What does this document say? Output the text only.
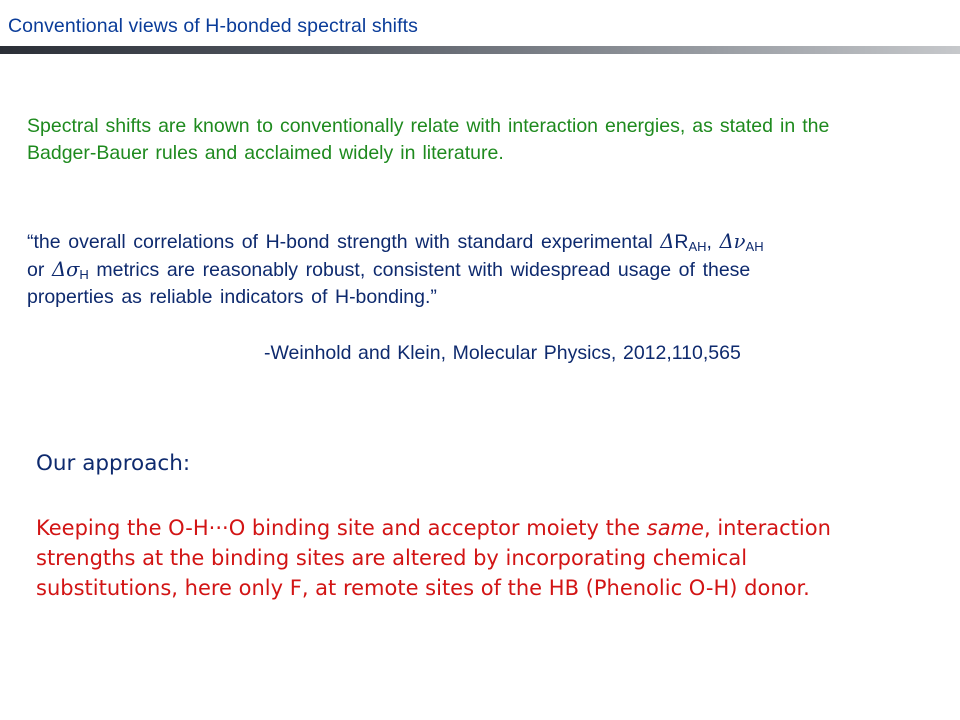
Conventional views of H-bonded spectral shifts
Spectral shifts are known to conventionally relate with interaction energies, as stated in the Badger-Bauer rules and acclaimed widely in literature.
“the overall correlations of H-bond strength with standard experimental $\Delta R_{AH}$, $\Delta\nu_{AH}$
or $\Delta\sigma_H$ metrics are reasonably robust, consistent with widespread usage of these
properties as reliable indicators of H-bonding.”
-Weinhold and Klein, Molecular Physics, 2012,110,565
Our approach:
Keeping the O-H···O binding site and acceptor moiety the same, interaction
strengths at the binding sites are altered by incorporating chemical
substitutions, here only F, at remote sites of the HB (Phenolic O-H) donor.
